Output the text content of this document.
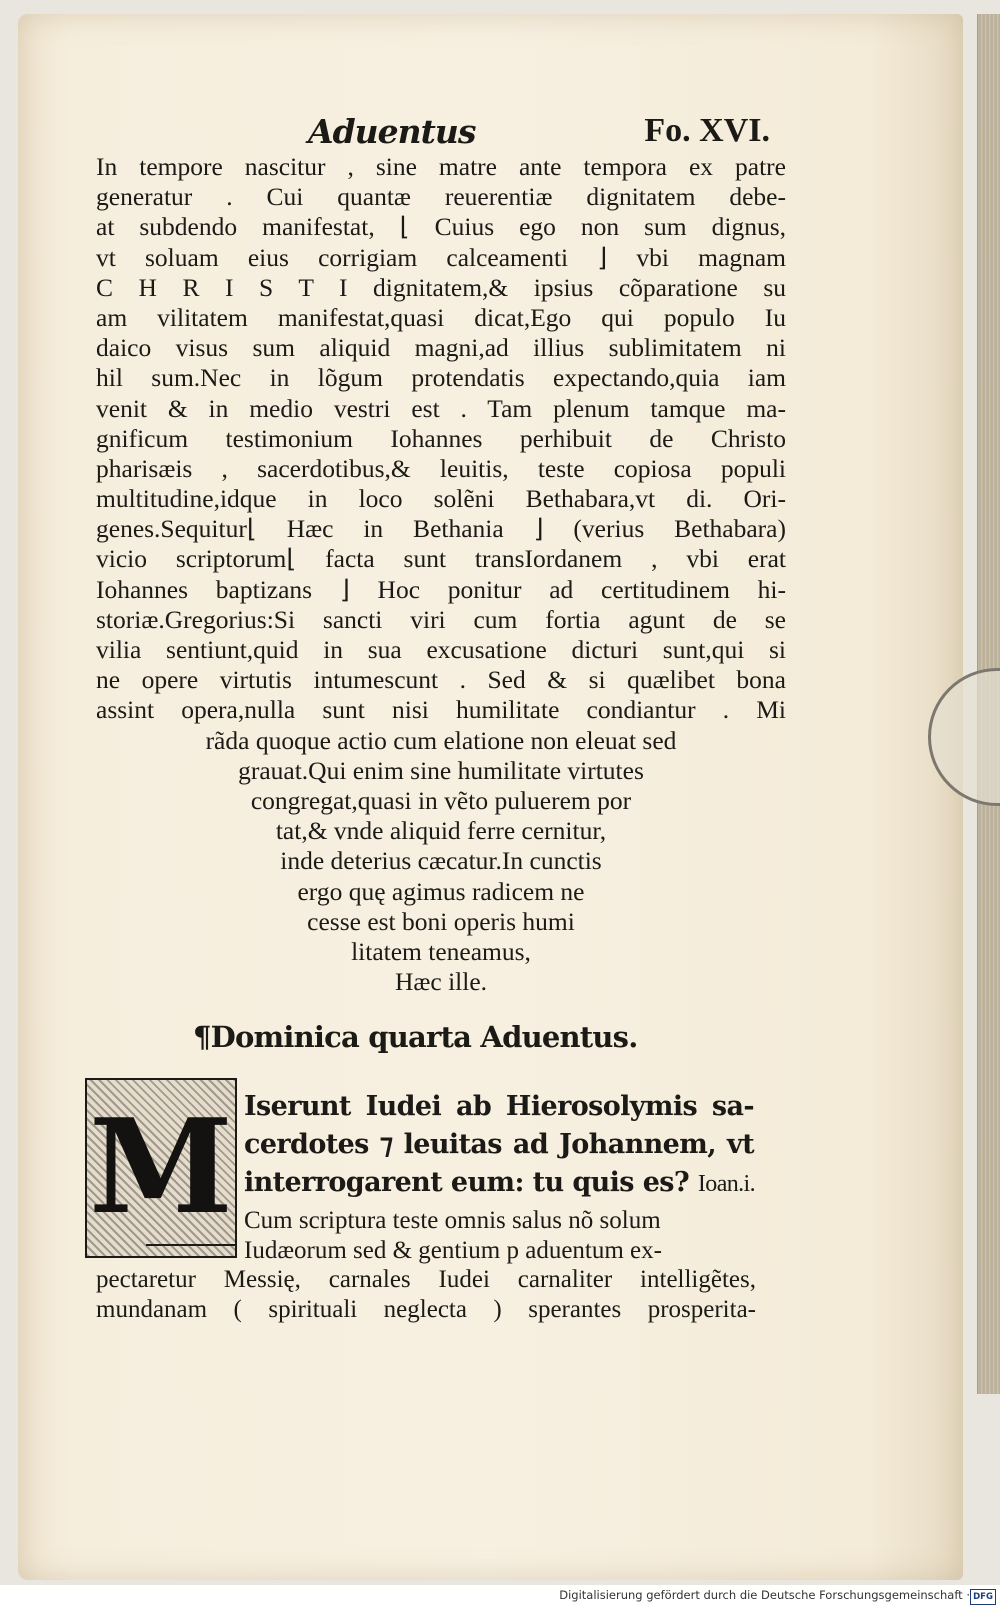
Aduentus	Fo. XVI.
In tempore nascitur , sine matre ante tempora ex patre
generatur . Cui quantæ reuerentiæ dignitatem debe-
at subdendo manifestat, ⌊ Cuius ego non sum dignus,
vt soluam eius corrigiam calceamenti ⌋ vbi magnam
C H R I S T I dignitatem,& ipsius cõparatione su
am vilitatem manifestat,quasi dicat,Ego qui populo Iu
daico visus sum aliquid magni,ad illius sublimitatem ni
hil sum.Nec in lõgum protendatis expectando,quia iam
venit & in medio vestri est . Tam plenum tamque ma-
gnificum testimonium Iohannes perhibuit de Christo
pharisæis , sacerdotibus,& leuitis, teste copiosa populi
multitudine,idque in loco solẽni Bethabara,vt di. Ori-
genes.Sequitur⌊ Hæc in Bethania ⌋ (verius Bethabara)
vicio scriptorum⌊ facta sunt transIordanem , vbi erat
Iohannes baptizans ⌋ Hoc ponitur ad certitudinem hi-
storiæ.Gregorius:Si sancti viri cum fortia agunt de se
vilia sentiunt,quid in sua excusatione dicturi sunt,qui si
ne opere virtutis intumescunt . Sed & si quælibet bona
assint opera,nulla sunt nisi humilitate condiantur . Mi
rãda quoque actio cum elatione non eleuat sed
grauat.Qui enim sine humilitate virtutes
congregat,quasi in vẽto puluerem por
tat,& vnde aliquid ferre cernitur,
inde deterius cæcatur.In cunctis
ergo quę agimus radicem ne
cesse est boni operis humi
litatem teneamus,
Hæc ille.
¶Dominica quarta Aduentus.
M Iserunt Iudei ab Hierosolymis sa-
cerdotes ⁊ leuitas ad Johannem, vt
interrogarent eum: tu quis es? Ioan.i.
Cum scriptura teste omnis salus nõ solum
Iudæorum sed & gentium p aduentum ex-
pectaretur Messię, carnales Iudei carnaliter intelligẽtes,
mundanam ( spirituali neglecta ) sperantes prosperita-
Digitalisierung gefördert durch die Deutsche Forschungsgemeinschaft · DFG
